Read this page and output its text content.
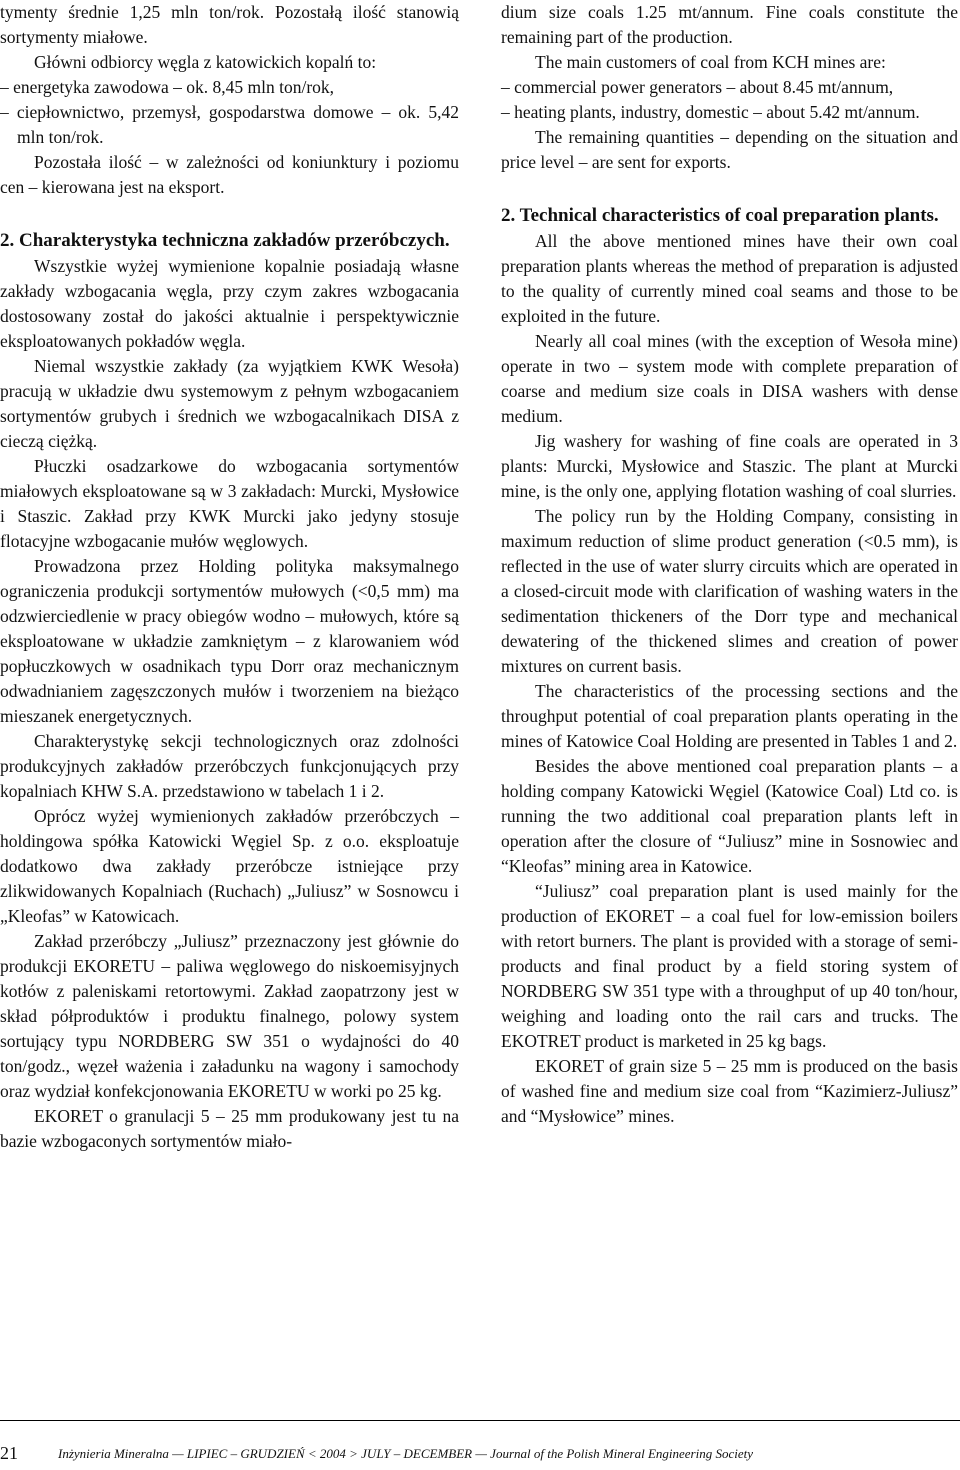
tymenty średnie 1,25 mln ton/rok. Pozostałą ilość stanowią sortymenty miałowe.

Główni odbiorcy węgla z katowickich kopalń to:

– energetyka zawodowa – ok. 8,45 mln ton/rok,

– ciepłownictwo, przemysł, gospodarstwa domowe – ok. 5,42 mln ton/rok.

Pozostała ilość – w zależności od koniunktury i poziomu cen – kierowana jest na eksport.

2. Charakterystyka techniczna zakładów przeróbczych.

Wszystkie wyżej wymienione kopalnie posiadają własne zakłady wzbogacania węgla, przy czym zakres wzbogacania dostosowany został do jakości aktualnie i perspektywicznie eksploatowanych pokładów węgla.

Niemal wszystkie zakłady (za wyjątkiem KWK Wesoła) pracują w układzie dwu systemowym z pełnym wzbogacaniem sortymentów grubych i średnich we wzbogacalnikach DISA z cieczą ciężką.

Płuczki osadzarkowe do wzbogacania sortymentów miałowych eksploatowane są w 3 zakładach: Murcki, Mysłowice i Staszic. Zakład przy KWK Murcki jako jedyny stosuje flotacyjne wzbogacanie mułów węglowych.

Prowadzona przez Holding polityka maksymalnego ograniczenia produkcji sortymentów mułowych (<0,5 mm) ma odzwierciedlenie w pracy obiegów wodno – mułowych, które są eksploatowane w układzie zamkniętym – z klarowaniem wód popłuczkowych w osadnikach typu Dorr oraz mechanicznym odwadnianiem zagęszczonych mułów i tworzeniem na bieżąco mieszanek energetycznych.

Charakterystykę sekcji technologicznych oraz zdolności produkcyjnych zakładów przeróbczych funkcjonujących przy kopalniach KHW S.A. przedstawiono w tabelach 1 i 2.

Oprócz wyżej wymienionych zakładów przeróbczych – holdingowa spółka Katowicki Węgiel Sp. z o.o. eksploatuje dodatkowo dwa zakłady przeróbcze istniejące przy zlikwidowanych Kopalniach (Ruchach) „Juliusz” w Sosnowcu i „Kleofas” w Katowicach.

Zakład przeróbczy „Juliusz” przeznaczony jest głównie do produkcji EKORETU – paliwa węglowego do niskoemisyjnych kotłów z paleniskami retortowymi. Zakład zaopatrzony jest w skład półproduktów i produktu finalnego, polowy system sortujący typu NORDBERG SW 351 o wydajności do 40 ton/godz., węzeł ważenia i załadunku na wagony i samochody oraz wydział konfekcjonowania EKORETU w worki po 25 kg.

EKORET o granulacji 5 – 25 mm produkowany jest tu na bazie wzbogaconych sortymentów miało-

dium size coals 1.25 mt/annum. Fine coals constitute the remaining part of the production.

The main customers of coal from KCH mines are:

– commercial power generators – about 8.45 mt/annum,

– heating plants, industry, domestic – about 5.42 mt/annum.

The remaining quantities – depending on the situation and price level – are sent for exports.

2. Technical characteristics of coal preparation plants.

All the above mentioned mines have their own coal preparation plants whereas the method of preparation is adjusted to the quality of currently mined coal seams and those to be exploited in the future.

Nearly all coal mines (with the exception of Wesoła mine) operate in two – system mode with complete preparation of coarse and medium size coals in DISA washers with dense medium.

Jig washery for washing of fine coals are operated in 3 plants: Murcki, Mysłowice and Staszic. The plant at Murcki mine, is the only one, applying flotation washing of coal slurries.

The policy run by the Holding Company, consisting in maximum reduction of slime product generation (<0.5 mm), is reflected in the use of water slurry circuits which are operated in a closed-circuit mode with clarification of washing waters in the sedimentation thickeners of the Dorr type and mechanical dewatering of the thickened slimes and creation of power mixtures on current basis.

The characteristics of the processing sections and the throughput potential of coal preparation plants operating in the mines of Katowice Coal Holding are presented in Tables 1 and 2.

Besides the above mentioned coal preparation plants – a holding company Katowicki Węgiel (Katowice Coal) Ltd co. is running the two additional coal preparation plants left in operation after the closure of “Juliusz” mine in Sosnowiec and “Kleofas” mining area in Katowice.

“Juliusz” coal preparation plant is used mainly for the production of EKORET – a coal fuel for low-emission boilers with retort burners. The plant is provided with a storage of semi-products and final product by a field storing system of NORDBERG SW 351 type with a throughput of up 40 ton/hour, weighing and loading onto the rail cars and trucks. The EKOTRET product is marketed in 25 kg bags.

EKORET of grain size 5 – 25 mm is produced on the basis of washed fine and medium size coal from “Kazimierz-Juliusz” and “Mysłowice” mines.

21	Inżynieria Mineralna — LIPIEC – GRUDZIEŃ < 2004 > JULY – DECEMBER — Journal of the Polish Mineral Engineering Society
